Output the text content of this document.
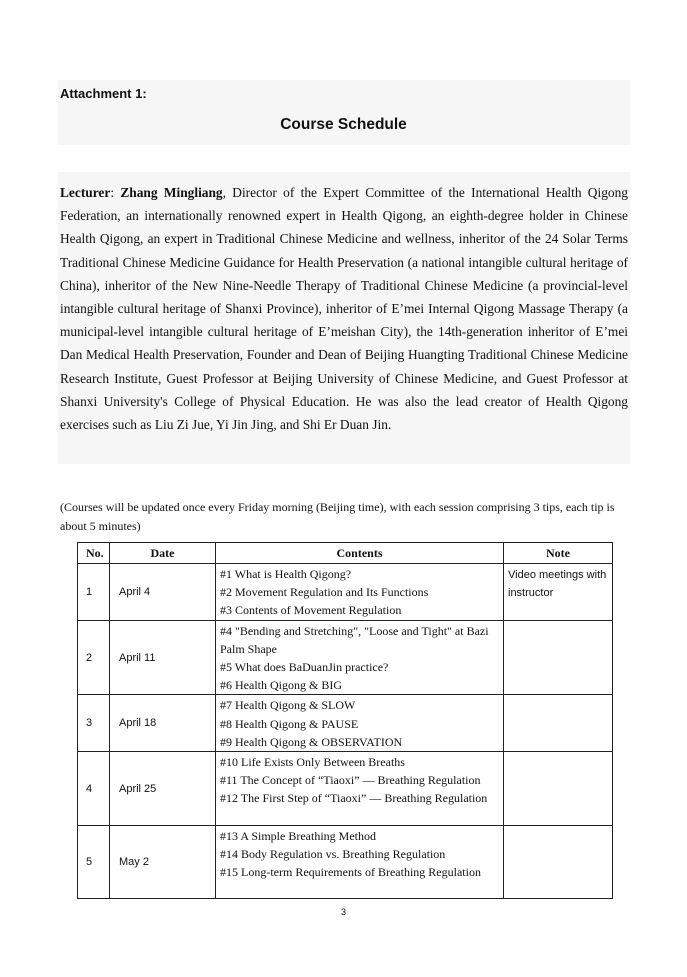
Attachment 1:
Course Schedule
Lecturer: Zhang Mingliang, Director of the Expert Committee of the International Health Qigong Federation, an internationally renowned expert in Health Qigong, an eighth-degree holder in Chinese Health Qigong, an expert in Traditional Chinese Medicine and wellness, inheritor of the 24 Solar Terms Traditional Chinese Medicine Guidance for Health Preservation (a national intangible cultural heritage of China), inheritor of the New Nine-Needle Therapy of Traditional Chinese Medicine (a provincial-level intangible cultural heritage of Shanxi Province), inheritor of E’mei Internal Qigong Massage Therapy (a municipal-level intangible cultural heritage of E’meishan City), the 14th-generation inheritor of E’mei Dan Medical Health Preservation, Founder and Dean of Beijing Huangting Traditional Chinese Medicine Research Institute, Guest Professor at Beijing University of Chinese Medicine, and Guest Professor at Shanxi University's College of Physical Education. He was also the lead creator of Health Qigong exercises such as Liu Zi Jue, Yi Jin Jing, and Shi Er Duan Jin.
(Courses will be updated once every Friday morning (Beijing time), with each session comprising 3 tips, each tip is about 5 minutes)
No.	Date	Contents	Note
1	April 4	#1 What is Health Qigong?
#2 Movement Regulation and Its Functions
#3 Contents of Movement Regulation	Video meetings with instructor
2	April 11	#4 "Bending and Stretching", "Loose and Tight" at Bazi Palm Shape
#5 What does BaDuanJin practice?
#6 Health Qigong & BIG	

3	April 18	#7 Health Qigong & SLOW
#8 Health Qigong & PAUSE
#9 Health Qigong & OBSERVATION	

4	April 25	#10 Life Exists Only Between Breaths
#11 The Concept of “Tiaoxi” — Breathing Regulation
#12 The First Step of “Tiaoxi” — Breathing Regulation	

5	May 2	#13 A Simple Breathing Method
#14 Body Regulation vs. Breathing Regulation
#15 Long-term Requirements of Breathing Regulation	

3
